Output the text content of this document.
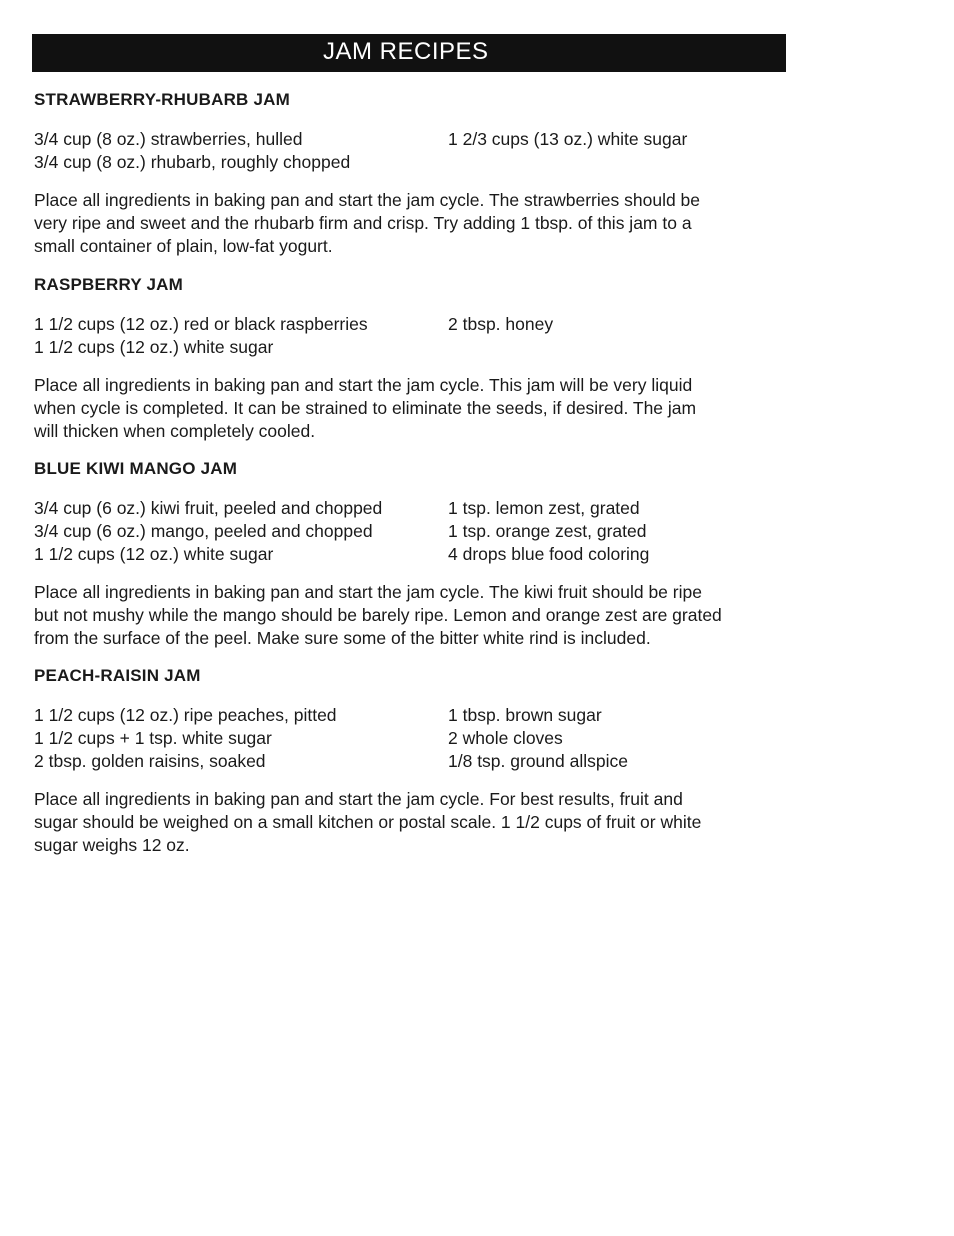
JAM RECIPES
STRAWBERRY-RHUBARB JAM
3/4 cup (8 oz.) strawberries, hulled	1 2/3 cups (13 oz.) white sugar
3/4 cup (8 oz.) rhubarb, roughly chopped
Place all ingredients in baking pan and start the jam cycle. The strawberries should be
very ripe and sweet and the rhubarb firm and crisp. Try adding 1 tbsp. of this jam to a
small container of plain, low-fat yogurt.
RASPBERRY JAM
1 1/2 cups (12 oz.) red or black raspberries	2 tbsp. honey
1 1/2 cups (12 oz.) white sugar
Place all ingredients in baking pan and start the jam cycle. This jam will be very liquid
when cycle is completed. It can be strained to eliminate the seeds, if desired. The jam
will thicken when completely cooled.
BLUE KIWI MANGO JAM
3/4 cup (6 oz.) kiwi fruit, peeled and chopped	1 tsp. lemon zest, grated
3/4 cup (6 oz.) mango, peeled and chopped	1 tsp. orange zest, grated
1 1/2 cups (12 oz.) white sugar	4 drops blue food coloring
Place all ingredients in baking pan and start the jam cycle. The kiwi fruit should be ripe
but not mushy while the mango should be barely ripe. Lemon and orange zest are grated
from the surface of the peel. Make sure some of the bitter white rind is included.
PEACH-RAISIN JAM
1 1/2 cups (12 oz.) ripe peaches, pitted	1 tbsp. brown sugar
1 1/2 cups + 1 tsp. white sugar	2 whole cloves
2 tbsp. golden raisins, soaked	1/8 tsp. ground allspice
Place all ingredients in baking pan and start the jam cycle. For best results, fruit and
sugar should be weighed on a small kitchen or postal scale. 1 1/2 cups of fruit or white
sugar weighs 12 oz.
